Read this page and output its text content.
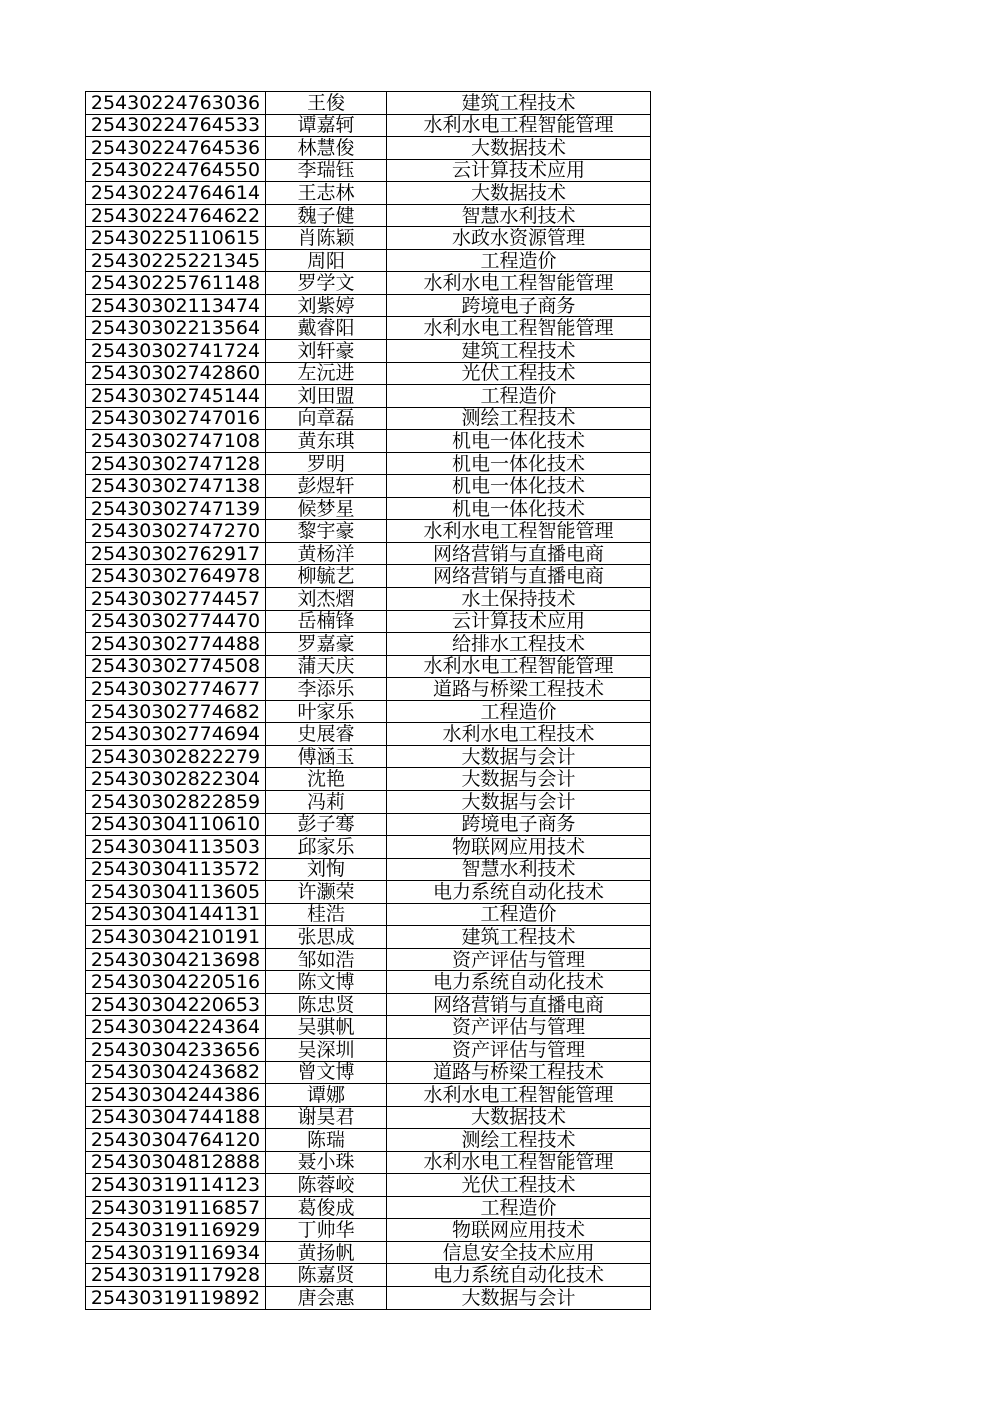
25430224763036	王俊	建筑工程技术
25430224764533	谭嘉轲	水利水电工程智能管理
25430224764536	林慧俊	大数据技术
25430224764550	李瑞钰	云计算技术应用
25430224764614	王志林	大数据技术
25430224764622	魏子健	智慧水利技术
25430225110615	肖陈颖	水政水资源管理
25430225221345	周阳	工程造价
25430225761148	罗学文	水利水电工程智能管理
25430302113474	刘紫婷	跨境电子商务
25430302213564	戴睿阳	水利水电工程智能管理
25430302741724	刘轩豪	建筑工程技术
25430302742860	左沅进	光伏工程技术
25430302745144	刘田盟	工程造价
25430302747016	向章磊	测绘工程技术
25430302747108	黄东琪	机电一体化技术
25430302747128	罗明	机电一体化技术
25430302747138	彭煜轩	机电一体化技术
25430302747139	候梦星	机电一体化技术
25430302747270	黎宇豪	水利水电工程智能管理
25430302762917	黄杨洋	网络营销与直播电商
25430302764978	柳毓艺	网络营销与直播电商
25430302774457	刘杰熠	水土保持技术
25430302774470	岳楠锋	云计算技术应用
25430302774488	罗嘉豪	给排水工程技术
25430302774508	蒲天庆	水利水电工程智能管理
25430302774677	李添乐	道路与桥梁工程技术
25430302774682	叶家乐	工程造价
25430302774694	史展睿	水利水电工程技术
25430302822279	傅涵玉	大数据与会计
25430302822304	沈艳	大数据与会计
25430302822859	冯莉	大数据与会计
25430304110610	彭子骞	跨境电子商务
25430304113503	邱家乐	物联网应用技术
25430304113572	刘恂	智慧水利技术
25430304113605	许灏荣	电力系统自动化技术
25430304144131	桂浩	工程造价
25430304210191	张思成	建筑工程技术
25430304213698	邹如浩	资产评估与管理
25430304220516	陈文博	电力系统自动化技术
25430304220653	陈忠贤	网络营销与直播电商
25430304224364	吴骐帆	资产评估与管理
25430304233656	吴深圳	资产评估与管理
25430304243682	曾文博	道路与桥梁工程技术
25430304244386	谭娜	水利水电工程智能管理
25430304744188	谢昊君	大数据技术
25430304764120	陈瑞	测绘工程技术
25430304812888	聂小珠	水利水电工程智能管理
25430319114123	陈蓉峧	光伏工程技术
25430319116857	葛俊成	工程造价
25430319116929	丁帅华	物联网应用技术
25430319116934	黄扬帆	信息安全技术应用
25430319117928	陈嘉贤	电力系统自动化技术
25430319119892	唐会惠	大数据与会计
